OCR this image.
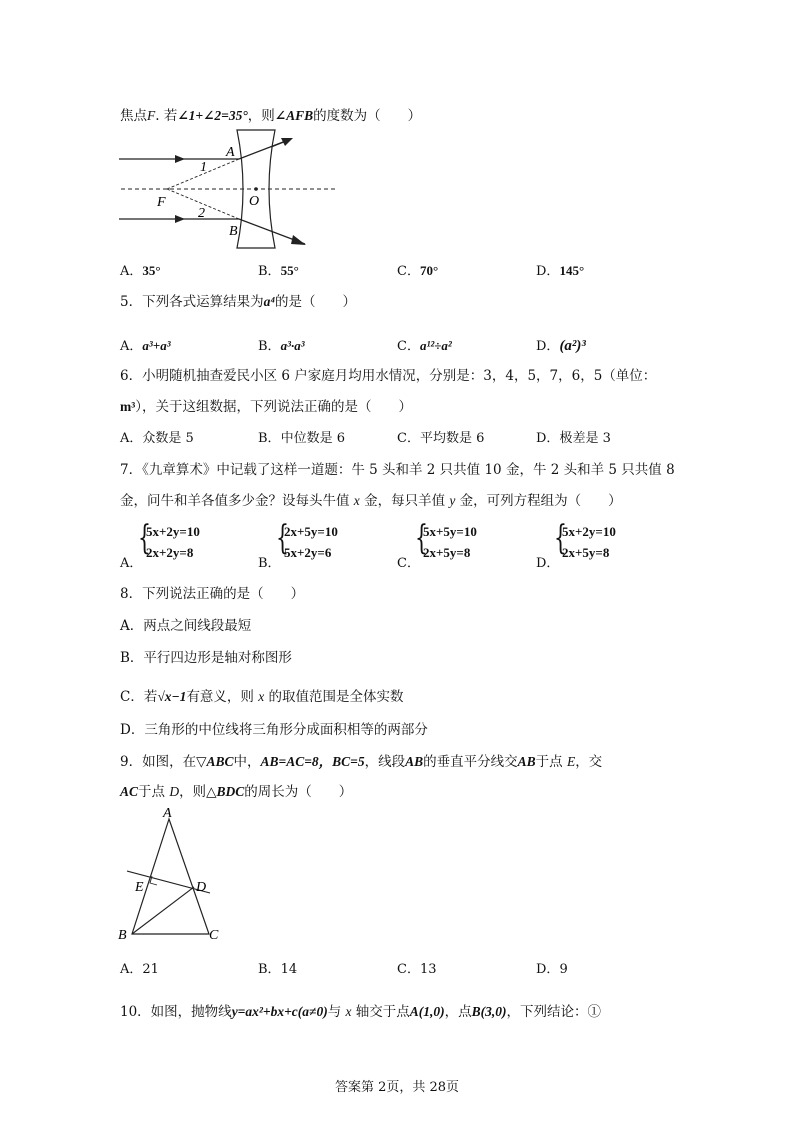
焦点F. 若∠1+∠2=35°，则∠AFB的度数为（　　）
A
1
F	O
2
B
A．35°	B．55°	C．70°	D．145°
5．下列各式运算结果为a⁴的是（　　）
A．a³+a³	B．a³·a³	C．a¹²÷a²	D．(a²)³
6．小明随机抽查爱民小区 6 户家庭月均用水情况，分别是：3，4，5，7，6，5（单位：
m³），关于这组数据，下列说法正确的是（　　）
A．众数是 5	B．中位数是 6	C．平均数是 6	D．极差是 3
7．《九章算术》中记载了这样一道题：牛 5 头和羊 2 只共值 10 金，牛 2 头和羊 5 只共值 8
金，问牛和羊各值多少金？设每头牛值 x 金，每只羊值 y 金，可列方程组为（　　）
A．
{
5x+2y=10
2x+2y=8
B．
{
2x+5y=10
5x+2y=6
C．
{
5x+5y=10
2x+5y=8
D．
{
5x+2y=10
2x+5y=8
8．下列说法正确的是（　　）
A．两点之间线段最短
B．平行四边形是轴对称图形
C．若√x−1有意义，则 x 的取值范围是全体实数
D．三角形的中位线将三角形分成面积相等的两部分
9．如图，在▽ABC中，AB=AC=8，BC=5，线段AB的垂直平分线交AB于点 E，交
AC于点 D，则△BDC的周长为（　　）
A
E	D
B	C
A．21	B．14	C．13	D．9
10．如图，抛物线y=ax²+bx+c(a≠0)与 x 轴交于点A(1,0)，点B(3,0)，下列结论：①
答案第 2页，共 28页
